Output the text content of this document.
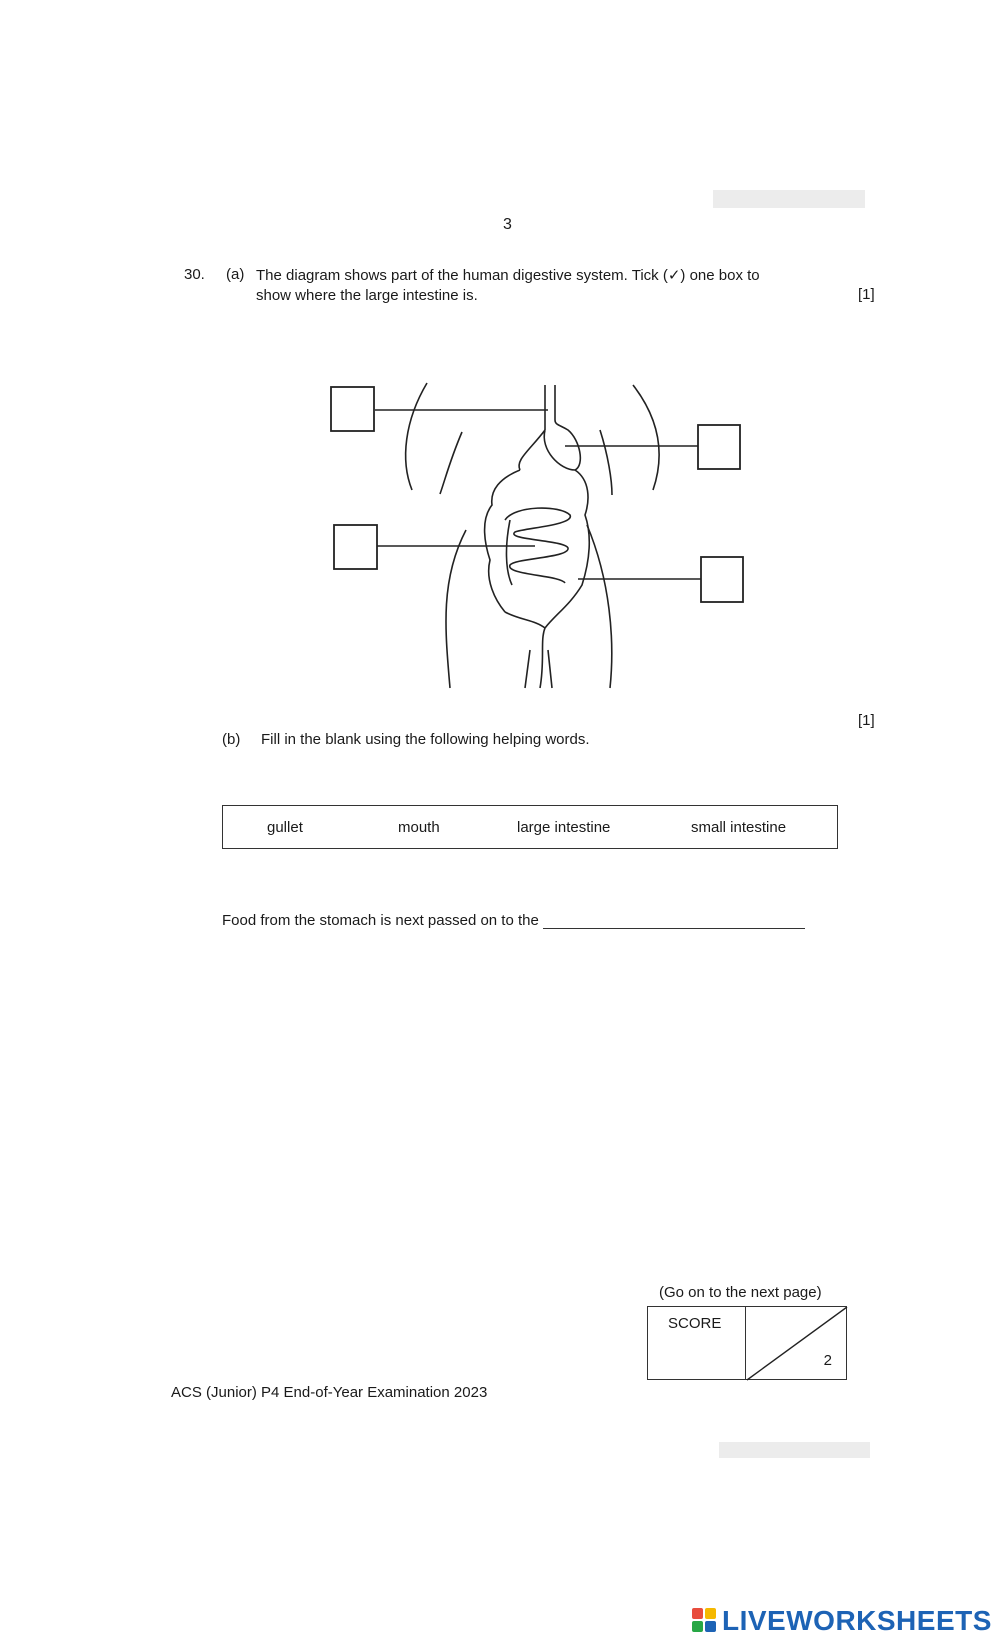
3
30. (a) The diagram shows part of the human digestive system. Tick (✓) one box to
show where the large intestine is.	[1]
[1]
(b) Fill in the blank using the following helping words.
gullet	mouth	large intestine	small intestine
Food from the stomach is next passed on to the
(Go on to the next page)
SCORE
2
ACS (Junior) P4 End-of-Year Examination 2023
LIVEWORKSHEETS
